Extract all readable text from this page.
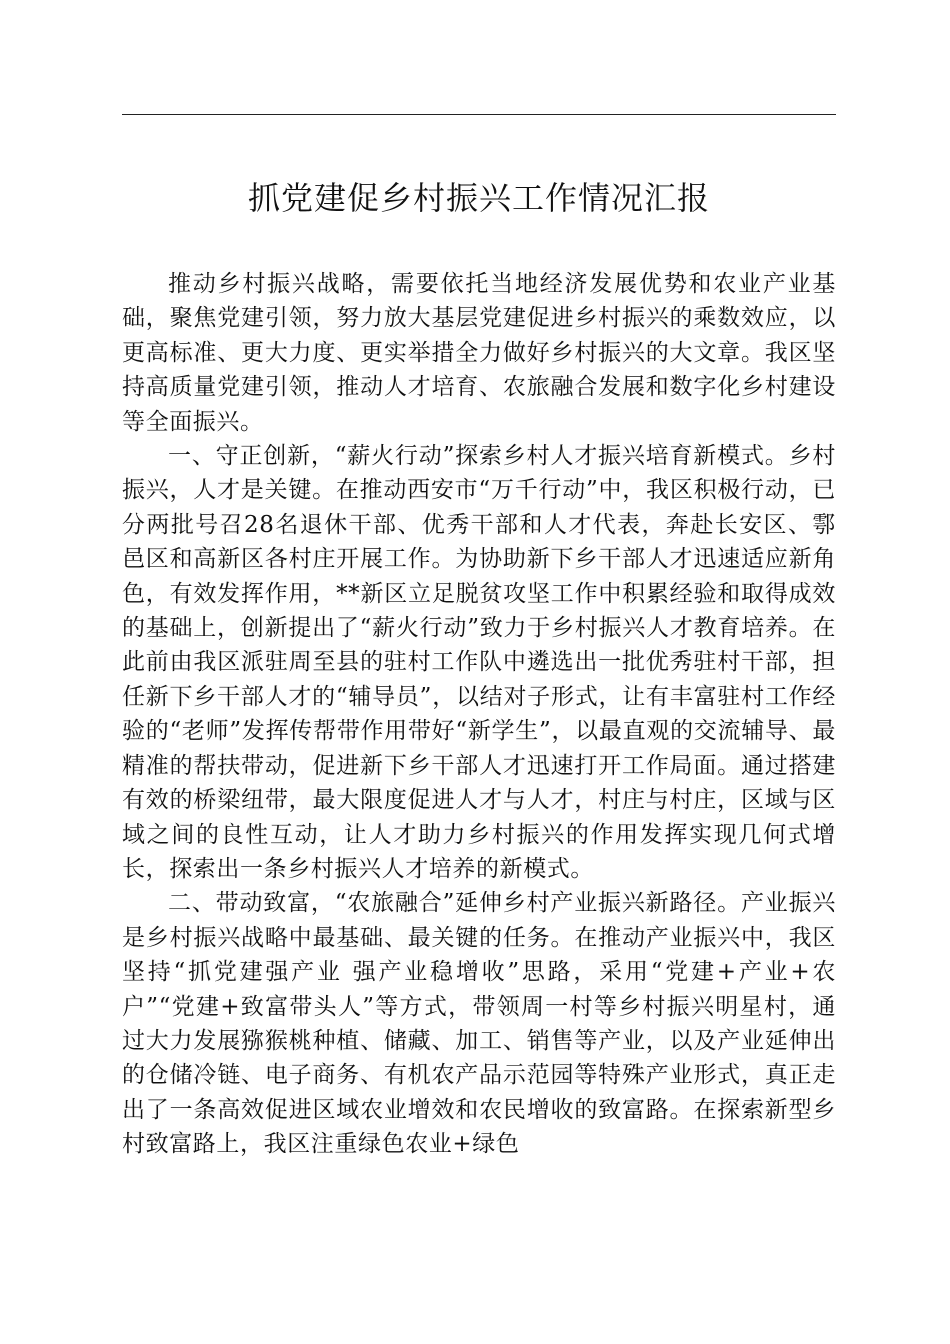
抓党建促乡村振兴工作情况汇报

推动乡村振兴战略，需要依托当地经济发展优势和农业产业基础，聚焦党建引领，努力放大基层党建促进乡村振兴的乘数效应，以更高标准、更大力度、更实举措全力做好乡村振兴的大文章。我区坚持高质量党建引领，推动人才培育、农旅融合发展和数字化乡村建设等全面振兴。

一、守正创新，“薪火行动”探索乡村人才振兴培育新模式。乡村振兴，人才是关键。在推动西安市“万千行动”中，我区积极行动，已分两批号召28名退休干部、优秀干部和人才代表，奔赴长安区、鄠邑区和高新区各村庄开展工作。为协助新下乡干部人才迅速适应新角色，有效发挥作用，**新区立足脱贫攻坚工作中积累经验和取得成效的基础上，创新提出了“薪火行动”致力于乡村振兴人才教育培养。在此前由我区派驻周至县的驻村工作队中遴选出一批优秀驻村干部，担任新下乡干部人才的“辅导员”，以结对子形式，让有丰富驻村工作经验的“老师”发挥传帮带作用带好“新学生”，以最直观的交流辅导、最精准的帮扶带动，促进新下乡干部人才迅速打开工作局面。通过搭建有效的桥梁纽带，最大限度促进人才与人才，村庄与村庄，区域与区域之间的良性互动，让人才助力乡村振兴的作用发挥实现几何式增长，探索出一条乡村振兴人才培养的新模式。

二、带动致富，“农旅融合”延伸乡村产业振兴新路径。产业振兴是乡村振兴战略中最基础、最关键的任务。在推动产业振兴中，我区坚持“抓党建强产业 强产业稳增收”思路，采用“党建+产业+农户”“党建+致富带头人”等方式，带领周一村等乡村振兴明星村，通过大力发展猕猴桃种植、储藏、加工、销售等产业，以及产业延伸出的仓储冷链、电子商务、有机农产品示范园等特殊产业形式，真正走出了一条高效促进区域农业增效和农民增收的致富路。在探索新型乡村致富路上，我区注重绿色农业+绿色
